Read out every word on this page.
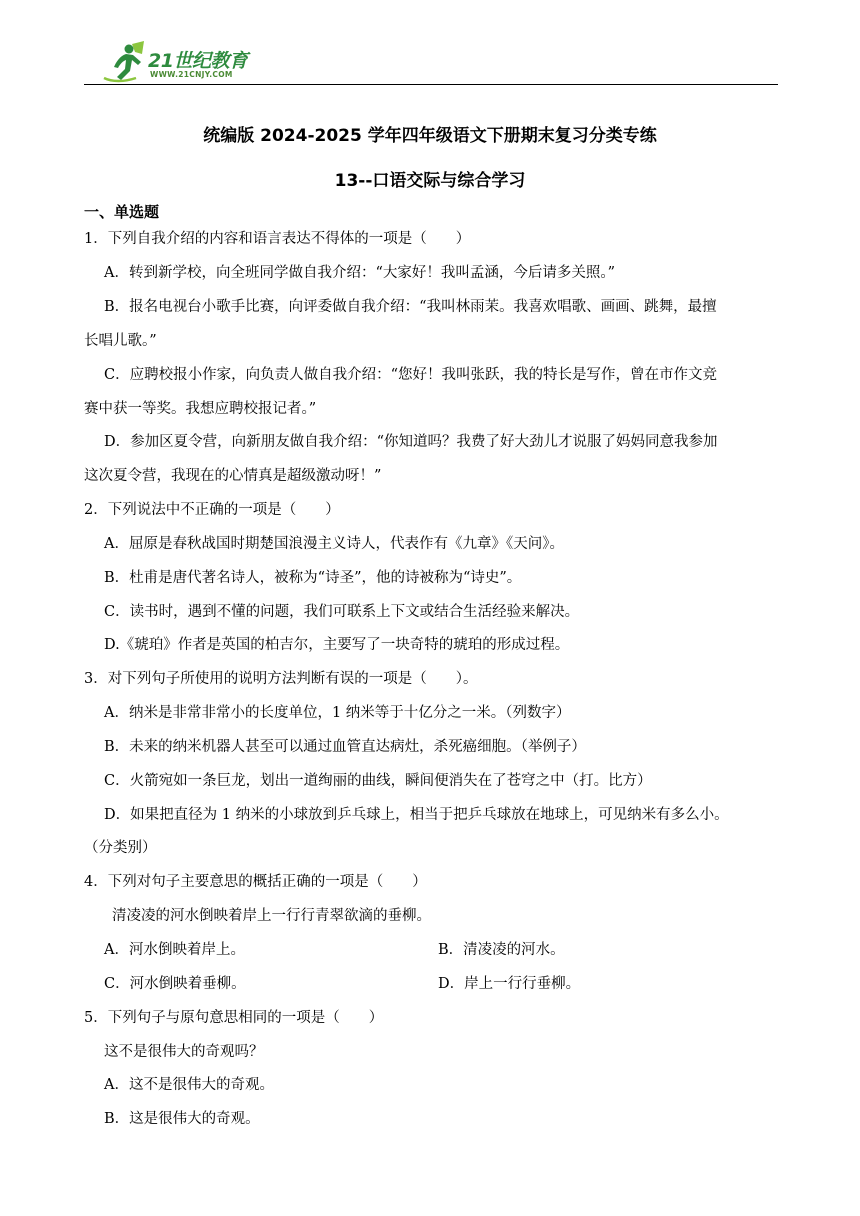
21世纪教育
WWW.21CNJY.COM
统编版 2024-2025 学年四年级语文下册期末复习分类专练
13--口语交际与综合学习
一、单选题
1．下列自我介绍的内容和语言表达不得体的一项是（　　）
A．转到新学校，向全班同学做自我介绍：“大家好！我叫孟涵，今后请多关照。”
B．报名电视台小歌手比赛，向评委做自我介绍：“我叫林雨茉。我喜欢唱歌、画画、跳舞，最擅
长唱儿歌。”
C．应聘校报小作家，向负责人做自我介绍：“您好！我叫张跃，我的特长是写作，曾在市作文竞
赛中获一等奖。我想应聘校报记者。”
D．参加区夏令营，向新朋友做自我介绍：“你知道吗？我费了好大劲儿才说服了妈妈同意我参加
这次夏令营，我现在的心情真是超级激动呀！”
2．下列说法中不正确的一项是（　　）
A．屈原是春秋战国时期楚国浪漫主义诗人，代表作有《九章》《天问》。
B．杜甫是唐代著名诗人，被称为“诗圣”，他的诗被称为“诗史”。
C．读书时，遇到不懂的问题，我们可联系上下文或结合生活经验来解决。
D.《琥珀》作者是英国的柏吉尔，主要写了一块奇特的琥珀的形成过程。
3．对下列句子所使用的说明方法判断有误的一项是（　　）。
A．纳米是非常非常小的长度单位，1 纳米等于十亿分之一米。（列数字）
B．未来的纳米机器人甚至可以通过血管直达病灶，杀死癌细胞。（举例子）
C．火箭宛如一条巨龙，划出一道绚丽的曲线，瞬间便消失在了苍穹之中（打。比方）
D．如果把直径为 1 纳米的小球放到乒乓球上，相当于把乒乓球放在地球上，可见纳米有多么小。
（分类别）
4．下列对句子主要意思的概括正确的一项是（　　）
清凌凌的河水倒映着岸上一行行青翠欲滴的垂柳。
A．河水倒映着岸上。	B．清凌凌的河水。
C．河水倒映着垂柳。	D．岸上一行行垂柳。
5．下列句子与原句意思相同的一项是（　　）
这不是很伟大的奇观吗？
A．这不是很伟大的奇观。
B．这是很伟大的奇观。
